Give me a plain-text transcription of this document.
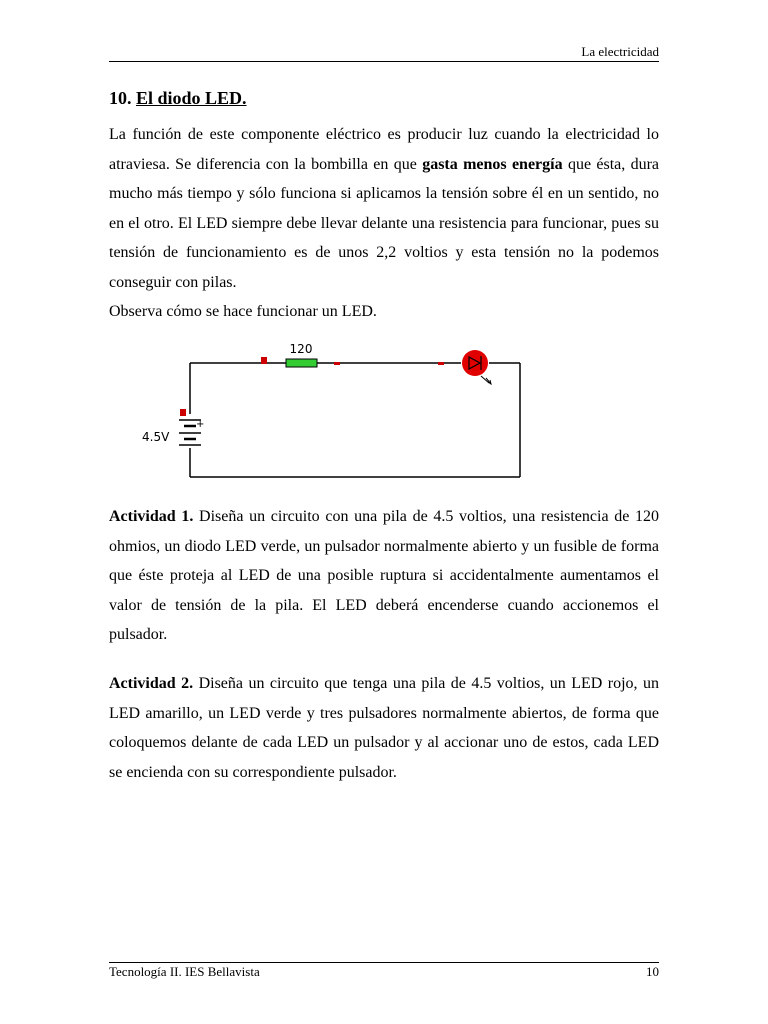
La electricidad
10. El diodo LED.

La función de este componente eléctrico es producir luz cuando la electricidad lo atraviesa. Se diferencia con la bombilla en que gasta menos energía que ésta, dura mucho más tiempo y sólo funciona si aplicamos la tensión sobre él en un sentido, no en el otro. El LED siempre debe llevar delante una resistencia para funcionar, pues su tensión de funcionamiento es de unos 2,2 voltios y esta tensión no la podemos conseguir con pilas.

Observa cómo se hace funcionar un LED.

120
+
4.5V

Actividad 1. Diseña un circuito con una pila de 4.5 voltios, una resistencia de 120 ohmios, un diodo LED verde, un pulsador normalmente abierto y un fusible de forma que éste proteja al LED de una posible ruptura si accidentalmente aumentamos el valor de tensión de la pila. El LED deberá encenderse cuando accionemos el pulsador.

Actividad 2. Diseña un circuito que tenga una pila de 4.5 voltios, un LED rojo, un LED amarillo, un LED verde y tres pulsadores normalmente abiertos, de forma que coloquemos delante de cada LED un pulsador y al accionar uno de estos, cada LED se encienda con su correspondiente pulsador.

Tecnología II. IES Bellavista	10
